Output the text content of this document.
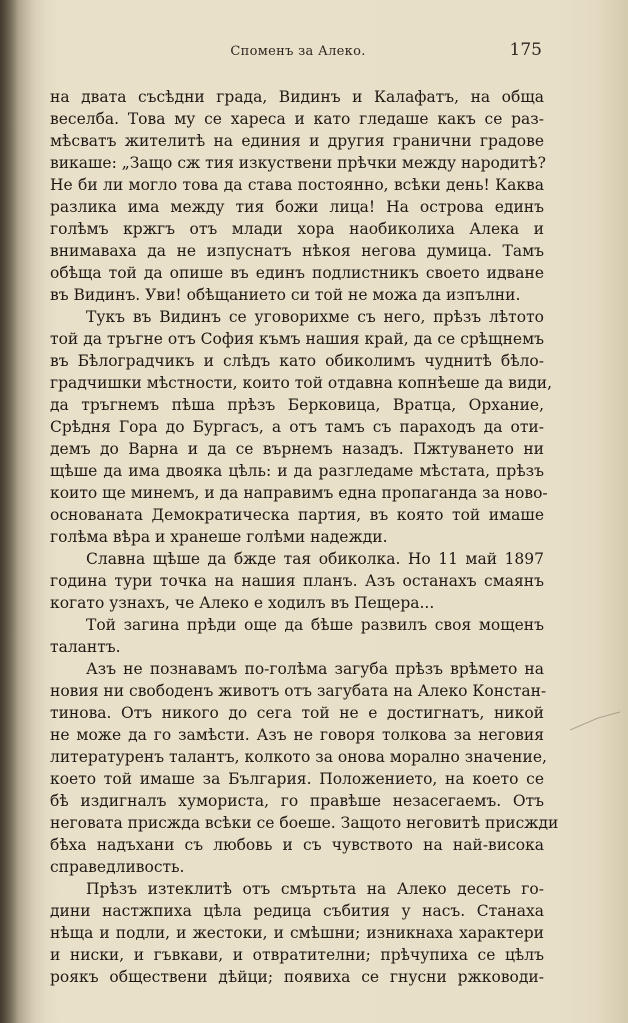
Споменъ за Алеко.	175
на двата съсѣдни града, Видинъ и Калафатъ, на обща
веселба. Това му се хареса и като гледаше какъ се раз-
мѣсватъ жителитѣ на единия и другия гранични градове
викаше: „Защо сж тия изкуствени прѣчки между народитѣ?
Не би ли могло това да става постоянно, всѣки день! Каква
разлика има между тия божи лица! На острова единъ
голѣмъ кржгъ отъ млади хора наобиколиха Алека и
внимаваха да не изпуснатъ нѣкоя негова думица. Тамъ
обѣща той да опише въ единъ подлистникъ своето идване
въ Видинъ. Уви! обѣщанието си той не можа да изпълни.
Тукъ въ Видинъ се уговорихме съ него, прѣзъ лѣтото
той да тръгне отъ София къмъ нашия край, да се срѣщнемъ
въ Бѣлоградчикъ и слѣдъ като обиколимъ чуднитѣ бѣло-
градчишки мѣстности, които той отдавна копнѣеше да види,
да тръгнемъ пѣша прѣзъ Берковица, Вратца, Орхание,
Срѣдня Гора до Бургасъ, а отъ тамъ съ параходъ да оти-
демъ до Варна и да се върнемъ назадъ. Пжтуването ни
щѣше да има двояка цѣль: и да разгледаме мѣстата, прѣзъ
които ще минемъ, и да направимъ една пропаганда за ново-
основаната Демократическа партия, въ която той имаше
голѣма вѣра и хранеше голѣми надежди.
Славна щѣше да бжде тая обиколка. Но 11 май 1897
година тури точка на нашия планъ. Азъ останахъ смаянъ
когато узнахъ, че Алеко е ходилъ въ Пещера...
Той загина прѣди още да бѣше развилъ своя мощенъ
талантъ.
Азъ не познавамъ по-голѣма загуба прѣзъ врѣмето на
новия ни свободенъ животъ отъ загубата на Алеко Констан-
тинова. Отъ никого до сега той не е достигнатъ, никой
не може да го замѣсти. Азъ не говоря толкова за неговия
литературенъ талантъ, колкото за онова морално значение,
което той имаше за България. Положението, на което се
бѣ издигналъ хумориста, го правѣше незасегаемъ. Отъ
неговата присжда всѣки се бoеше. Защото неговитѣ присжди
бѣха надъхани съ любовь и съ чувството на най-висока
справедливость.
Прѣзъ изтеклитѣ отъ смъртьта на Алеко десеть го-
дини настжпиха цѣла редица събития у насъ. Станаха
нѣща и подли, и жестоки, и смѣшни; изникнаха характери
и ниски, и гъвкави, и отвратителни; прѣчупиха се цѣлъ
роякъ обществени дѣйци; появиха се гнусни ржководи-
